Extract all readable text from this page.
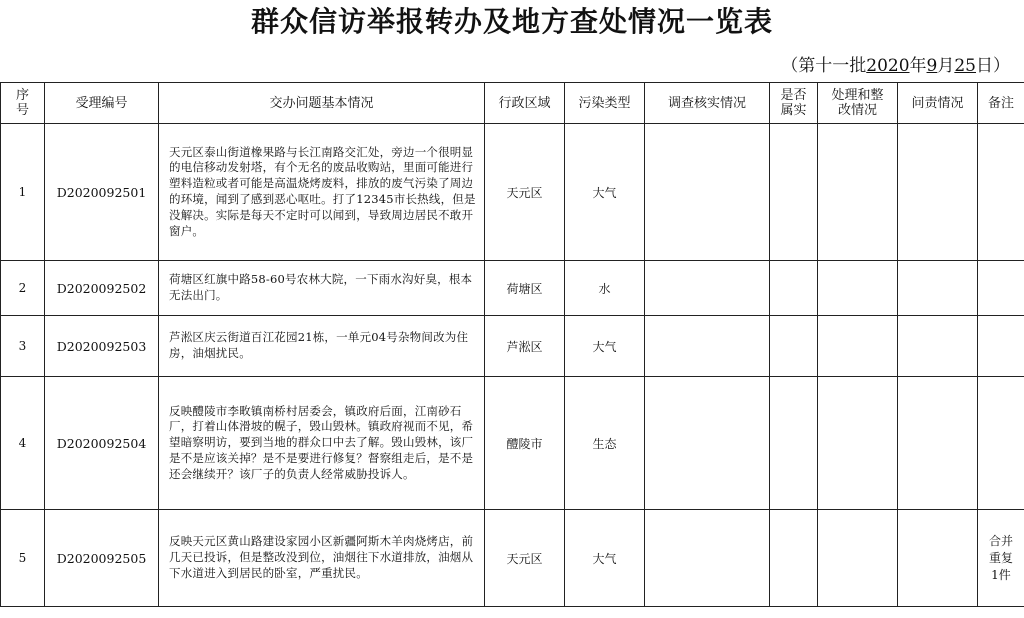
群众信访举报转办及地方查处情况一览表
（第十一批2020年9月25日）
序号	受理编号	交办问题基本情况	行政区域	污染类型	调查核实情况	是否属实	处理和整改情况	问责情况	备注
1	D2020092501	天元区泰山街道橡果路与长江南路交汇处，旁边一个很明显的电信移动发射塔，有个无名的废品收购站，里面可能进行塑料造粒或者可能是高温烧烤废料，排放的废气污染了周边的环境，闻到了感到恶心呕吐。打了12345市长热线，但是没解决。实际是每天不定时可以闻到，导致周边居民不敢开窗户。	天元区	大气					
2	D2020092502	荷塘区红旗中路58-60号农林大院，一下雨水沟好臭，根本无法出门。	荷塘区	水					
3	D2020092503	芦淞区庆云街道百江花园21栋，一单元04号杂物间改为住房，油烟扰民。	芦淞区	大气					
4	D2020092504	反映醴陵市李畋镇南桥村居委会，镇政府后面，江南砂石厂，打着山体滑坡的幌子，毁山毁林。镇政府视而不见，希望暗察明访，要到当地的群众口中去了解。毁山毁林，该厂是不是应该关掉？是不是要进行修复？督察组走后，是不是还会继续开？该厂子的负责人经常威胁投诉人。	醴陵市	生态					
5	D2020092505	反映天元区黄山路建设家园小区新疆阿斯木羊肉烧烤店，前几天已投诉，但是整改没到位，油烟往下水道排放，油烟从下水道进入到居民的卧室，严重扰民。	天元区	大气					合并重复1件
